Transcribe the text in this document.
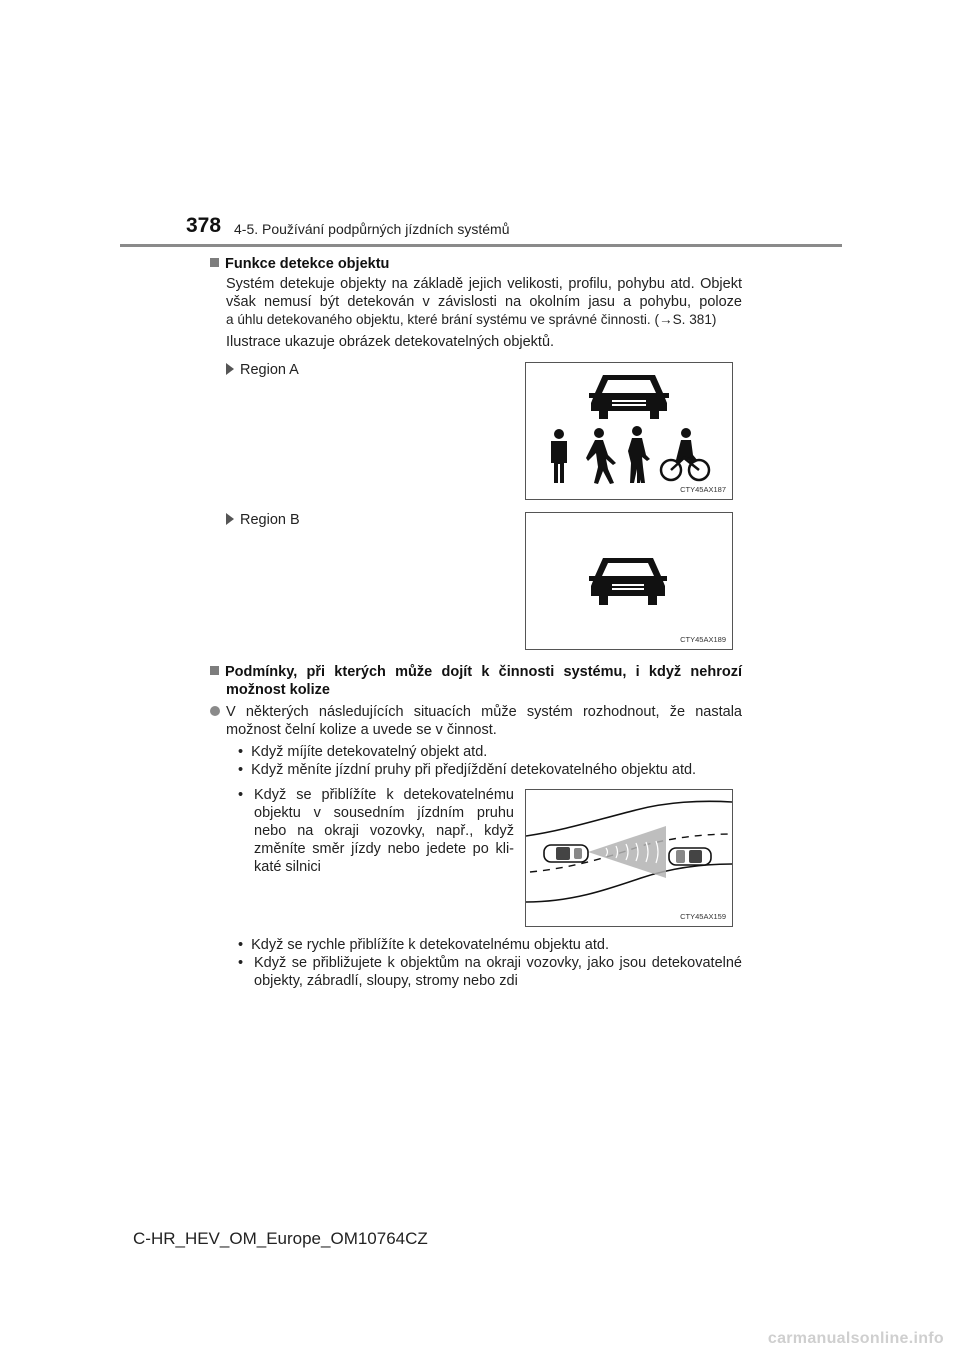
378 4-5. Používání podpůrných jízdních systémů
Funkce detekce objektu
Systém detekuje objekty na základě jejich velikosti, profilu, pohybu atd. Objekt
však nemusí být detekován v závislosti na okolním jasu a pohybu, poloze
a úhlu detekovaného objektu, které brání systému ve správné činnosti. (→S. 381)
Ilustrace ukazuje obrázek detekovatelných objektů.
Region A
CTY45AX187
Region B
CTY45AX189
Podmínky, při kterých může dojít k činnosti systému, i když nehrozí
možnost kolize
V některých následujících situacích může systém rozhodnout, že nastala
možnost čelní kolize a uvede se v činnost.
•  Když míjíte detekovatelný objekt atd.
•  Když měníte jízdní pruhy při předjíždění detekovatelného objektu atd.
• Když se přiblížíte k detekovatelnému
objektu v sousedním jízdním pruhu
nebo na okraji vozovky, např., když
změníte směr jízdy nebo jedete po kli-
katé silnici
CTY45AX159
•  Když se rychle přiblížíte k detekovatelnému objektu atd.
• Když se přibližujete k objektům na okraji vozovky, jako jsou detekovatelné
objekty, zábradlí, sloupy, stromy nebo zdi
C-HR_HEV_OM_Europe_OM10764CZ
carmanualsonline.info
